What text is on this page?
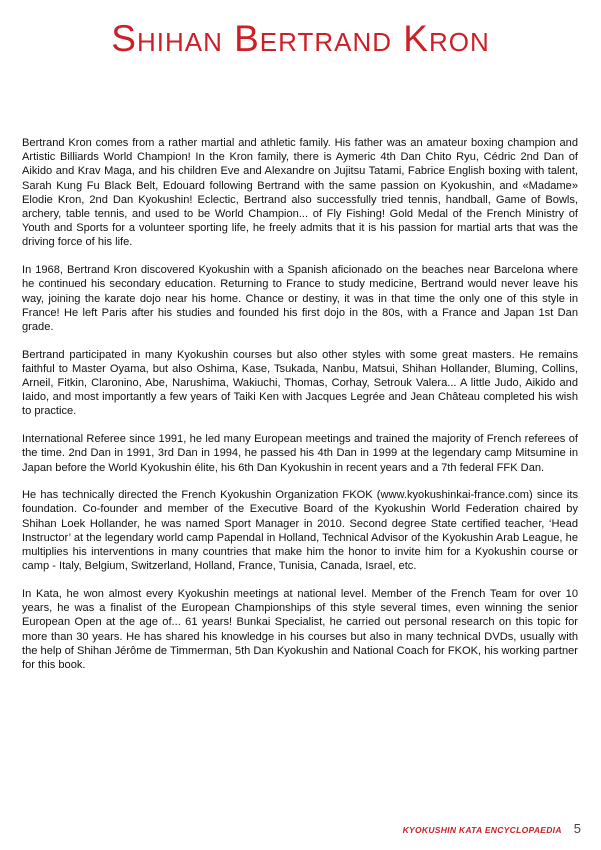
Shihan Bertrand Kron

Bertrand Kron comes from a rather martial and athletic family. His father was an amateur boxing champion and Artistic Billiards World Champion! In the Kron family, there is Aymeric 4th Dan Chito Ryu, Cédric 2nd Dan of Aikido and Krav Maga, and his children Eve and Alexandre on Jujitsu Tatami, Fabrice English boxing with talent, Sarah Kung Fu Black Belt, Edouard following Bertrand with the same passion on Kyokushin, and «Madame» Elodie Kron, 2nd Dan Kyokushin! Eclectic, Bertrand also successfully tried tennis, handball, Game of Bowls, archery, table tennis, and used to be World Champion... of Fly Fishing! Gold Medal of the French Ministry of Youth and Sports for a volunteer sporting life, he freely admits that it is his passion for martial arts that was the driving force of his life.

In 1968, Bertrand Kron discovered Kyokushin with a Spanish aficionado on the beaches near Barcelona where he continued his secondary education. Returning to France to study medicine, Bertrand would never leave his way, joining the karate dojo near his home. Chance or destiny, it was in that time the only one of this style in France! He left Paris after his studies and founded his first dojo in the 80s, with a France and Japan 1st Dan grade.

Bertrand participated in many Kyokushin courses but also other styles with some great masters. He remains faithful to Master Oyama, but also Oshima, Kase, Tsukada, Nanbu, Matsui, Shihan Hollander, Bluming, Collins, Arneil, Fitkin, Claronino, Abe, Narushima, Wakiuchi, Thomas, Corhay, Setrouk Valera... A little Judo, Aikido and Iaido, and most importantly a few years of Taiki Ken with Jacques Legrée and Jean Château completed his wish to practice.

International Referee since 1991, he led many European meetings and trained the majority of French referees of the time. 2nd Dan in 1991, 3rd Dan in 1994, he passed his 4th Dan in 1999 at the legendary camp Mitsumine in Japan before the World Kyokushin élite, his 6th Dan Kyokushin in recent years and a 7th federal FFK Dan.

He has technically directed the French Kyokushin Organization FKOK (www.kyokushinkai-france.com) since its foundation. Co-founder and member of the Executive Board of the Kyokushin World Federation chaired by Shihan Loek Hollander, he was named Sport Manager in 2010. Second degree State certified teacher, ‘Head Instructor’ at the legendary world camp Papendal in Holland, Technical Advisor of the Kyokushin Arab League, he multiplies his interventions in many countries that make him the honor to invite him for a Kyokushin course or camp - Italy, Belgium, Switzerland, Holland, France, Tunisia, Canada, Israel, etc.

In Kata, he won almost every Kyokushin meetings at national level. Member of the French Team for over 10 years, he was a finalist of the European Championships of this style several times, even winning the senior European Open at the age of... 61 years! Bunkai Specialist, he carried out personal research on this topic for more than 30 years. He has shared his knowledge in his courses but also in many technical DVDs, usually with the help of Shihan Jérôme de Timmerman, 5th Dan Kyokushin and National Coach for FKOK, his working partner for this book.

KYOKUSHIN KATA ENCYCLOPAEDIA 5
